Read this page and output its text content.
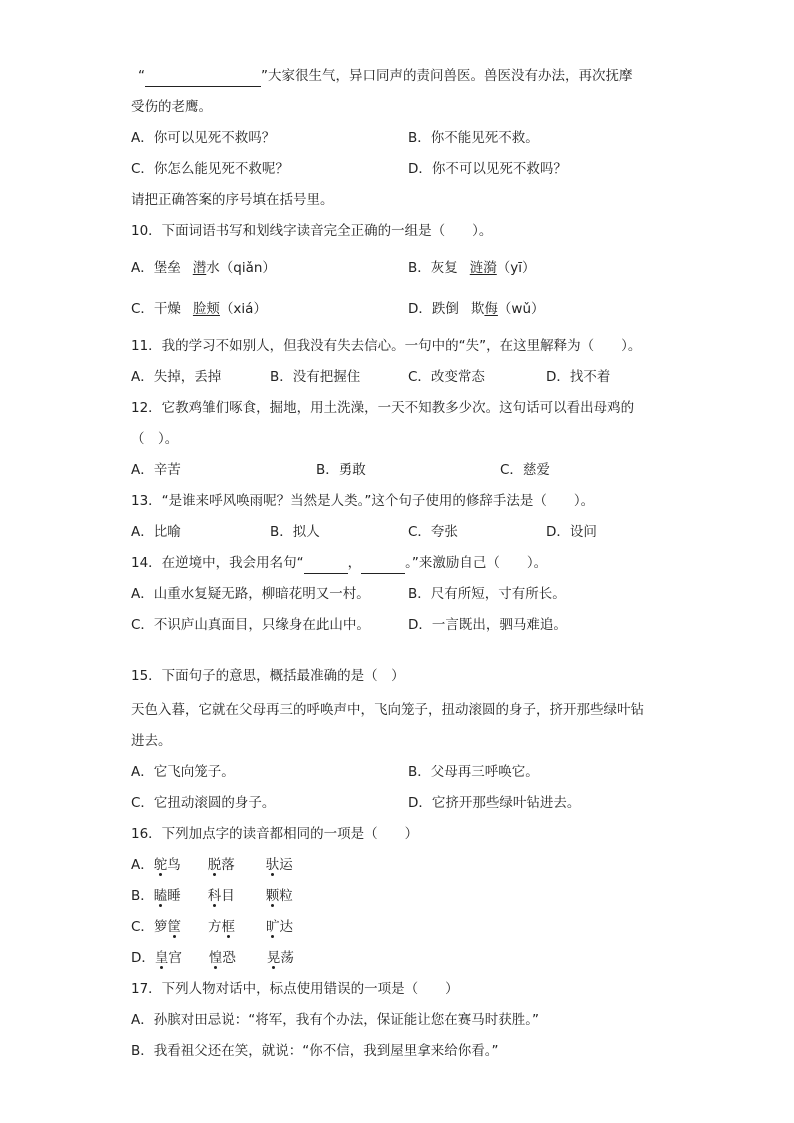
“	”大家很生气，异口同声的责问兽医。兽医没有办法，再次抚摩
受伤的老鹰。
A．你可以见死不救吗？	B．你不能见死不救。
C．你怎么能见死不救呢？	D．你不可以见死不救吗？
请把正确答案的序号填在括号里。
10．下面词语书写和划线字读音完全正确的一组是（　　）。
A．堡垒 潜水（qiǎn）	B．灰复 涟漪（yī）
C．干燥 脸颊（xiá）	D．跌倒 欺侮（wǔ）
11．我的学习不如别人，但我没有失去信心。一句中的“失”，在这里解释为（　　）。
A．失掉，丢掉	B．没有把握住	C．改变常态	D．找不着
12．它教鸡雏们啄食，掘地，用土洗澡，一天不知教多少次。这句话可以看出母鸡的
（　）。
A．辛苦	B．勇敢	C．慈爱
13．“是谁来呼风唤雨呢？当然是人类。”这个句子使用的修辞手法是（　　）。
A．比喻	B．拟人	C．夸张	D．设问
14．在逆境中，我会用名句“	，	。”来激励自己（　　）。
A．山重水复疑无路，柳暗花明又一村。	B．尺有所短，寸有所长。
C．不识庐山真面目，只缘身在此山中。	D．一言既出，驷马难追。
15．下面句子的意思，概括最准确的是（　）
天色入暮，它就在父母再三的呼唤声中，飞向笼子，扭动滚圆的身子，挤开那些绿叶钻
进去。
A．它飞向笼子。	B．父母再三呼唤它。
C．它扭动滚圆的身子。	D．它挤开那些绿叶钻进去。
16．下列加点字的读音都相同的一项是（　　）
A．鸵鸟 脱落 驮运
B．瞌睡 科目 颗粒
C．箩筐 方框 旷达
D．皇宫 惶恐 晃荡
17．下列人物对话中，标点使用错误的一项是（　　）
A．孙膑对田忌说：“将军，我有个办法，保证能让您在赛马时获胜。”
B．我看祖父还在笑，就说：“你不信，我到屋里拿来给你看。”
